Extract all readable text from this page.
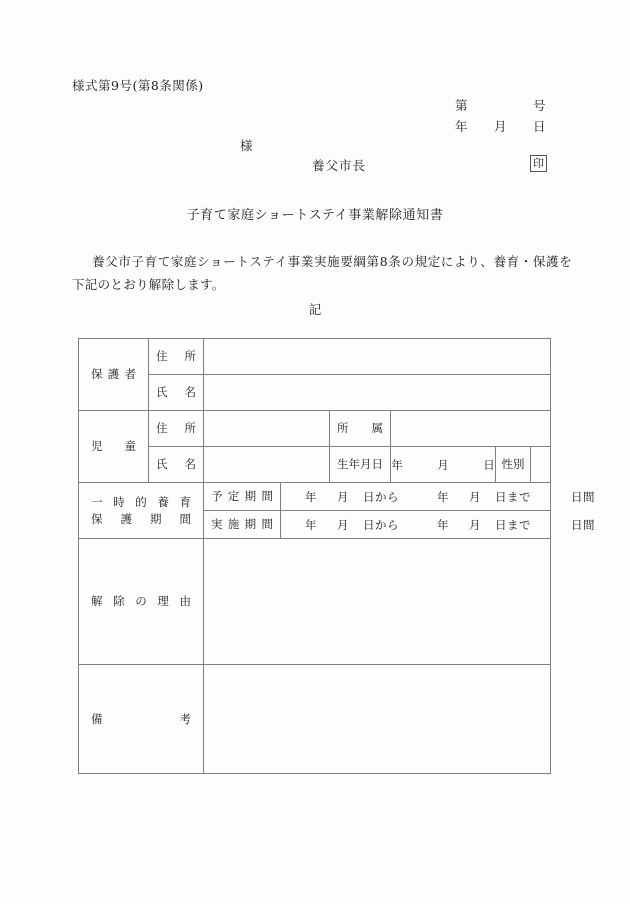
様式第9号(第8条関係)
第　　　　　号
年　　月　　日
様
養父市長	印
子育て家庭ショートステイ事業解除通知書
養父市子育て家庭ショートステイ事業実施要綱第8条の規定により、養育・保護を下記のとおり解除します。
記
保護者	住所						

	氏名						

児童	住所			所属			

	氏名			生年月日	年　　　月　　　日	性別	

一時的養育
保護期間		予定期間	年 月 日から 年 月 日まで 日間				

		実施期間	年 月 日から 年 月 日まで 日間				

解除の理由							

備考							
